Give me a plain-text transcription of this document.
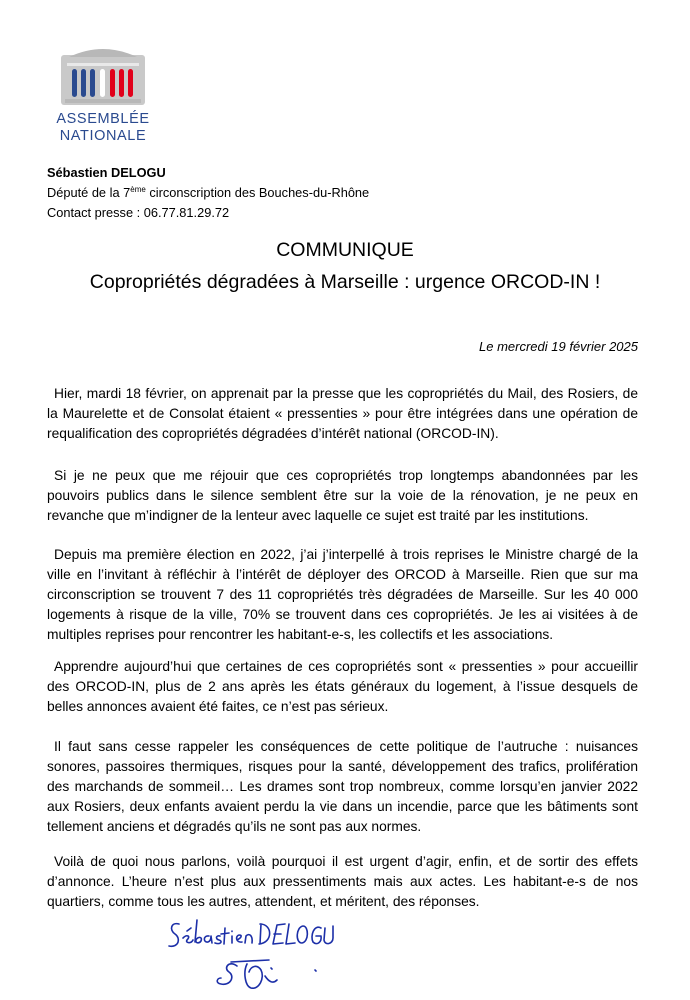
ASSEMBLÉE
NATIONALE
Sébastien DELOGU
Député de la 7ème circonscription des Bouches-du-Rhône
Contact presse : 06.77.81.29.72
COMMUNIQUE
Copropriétés dégradées à Marseille : urgence ORCOD-IN !
Le mercredi 19 février 2025

Hier, mardi 18 février, on apprenait par la presse que les copropriétés du Mail, des Rosiers, de la Maurelette et de Consolat étaient « pressenties » pour être intégrées dans une opération de requalification des copropriétés dégradées d’intérêt national (ORCOD-IN).

Si je ne peux que me réjouir que ces copropriétés trop longtemps abandonnées par les pouvoirs publics dans le silence semblent être sur la voie de la rénovation, je ne peux en revanche que m’indigner de la lenteur avec laquelle ce sujet est traité par les institutions.

Depuis ma première élection en 2022, j’ai j’interpellé à trois reprises le Ministre chargé de la ville en l’invitant à réfléchir à l’intérêt de déployer des ORCOD à Marseille. Rien que sur ma circonscription se trouvent 7 des 11 copropriétés très dégradées de Marseille. Sur les 40 000 logements à risque de la ville, 70% se trouvent dans ces copropriétés. Je les ai visitées à de multiples reprises pour rencontrer les habitant-e-s, les collectifs et les associations.

Apprendre aujourd’hui que certaines de ces copropriétés sont « pressenties » pour accueillir des ORCOD-IN, plus de 2 ans après les états généraux du logement, à l’issue desquels de belles annonces avaient été faites, ce n’est pas sérieux.

Il faut sans cesse rappeler les conséquences de cette politique de l’autruche : nuisances sonores, passoires thermiques, risques pour la santé, développement des trafics, prolifération des marchands de sommeil… Les drames sont trop nombreux, comme lorsqu’en janvier 2022 aux Rosiers, deux enfants avaient perdu la vie dans un incendie, parce que les bâtiments sont tellement anciens et dégradés qu’ils ne sont pas aux normes.

Voilà de quoi nous parlons, voilà pourquoi il est urgent d’agir, enfin, et de sortir des effets d’annonce. L’heure n’est plus aux pressentiments mais aux actes. Les habitant-e-s de nos quartiers, comme tous les autres, attendent, et méritent, des réponses.
